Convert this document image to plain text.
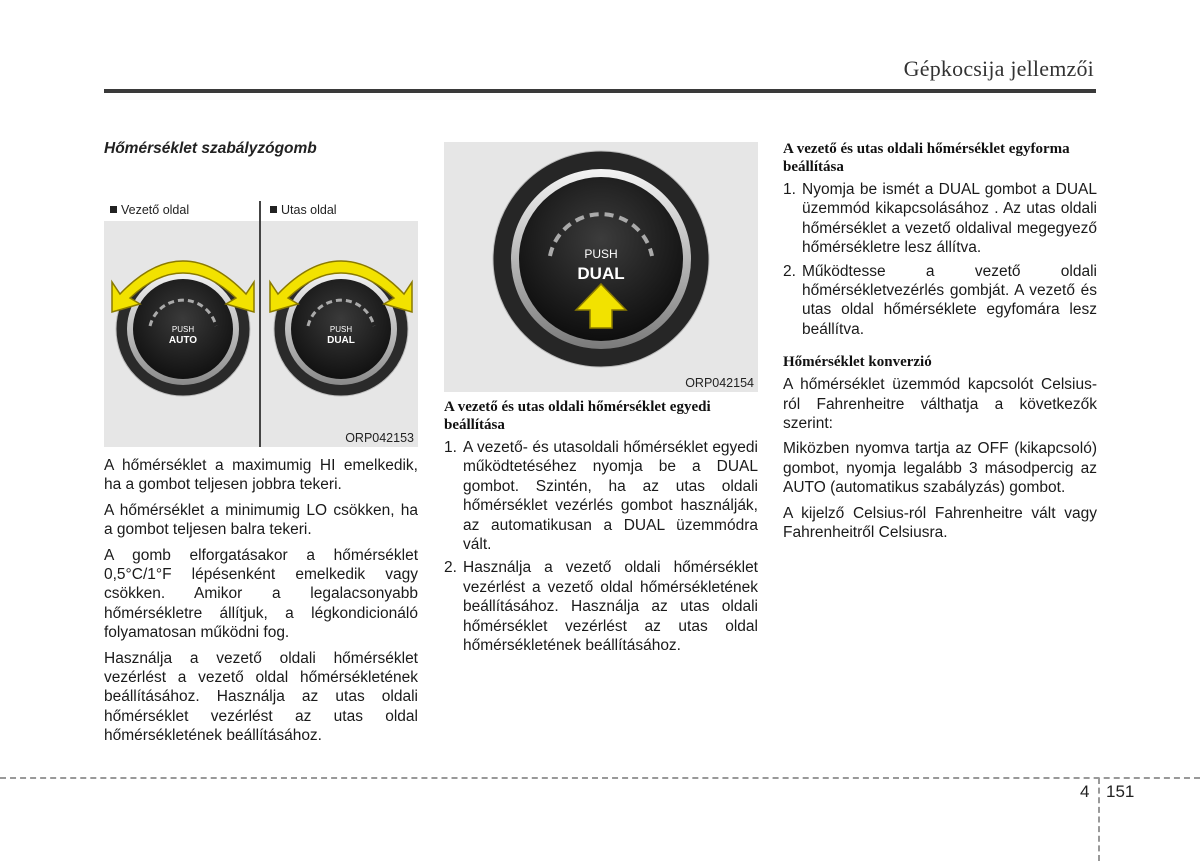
Gépkocsija jellemzői
Hőmérséklet szabályzógomb
Vezető oldal	Utas oldal
PUSH
AUTO
PUSH
DUAL
ORP042153

A hőmérséklet a maximumig HI emelkedik, ha a gombot teljesen jobbra tekeri.

A hőmérséklet a minimumig LO csökken, ha a gombot teljesen balra tekeri.

A gomb elforgatásakor a hőmérséklet 0,5°C/1°F lépésenként emelkedik vagy csökken. Amikor a legalacsonyabb hőmérsékletre állítjuk, a légkondicionáló folyamatosan működni fog.

Használja a vezető oldali hőmérséklet vezérlést a vezető oldal hőmérsékletének beállításához. Használja az utas oldali hőmérséklet vezérlést az utas oldal hőmérsékletének beállításához.

PUSH
DUAL
ORP042154
A vezető és utas oldali hőmérséklet egyedi beállítása
1. A vezető- és utasoldali hőmérséklet egyedi működtetéséhez nyomja be a DUAL gombot. Szintén, ha az utas oldali hőmérséklet vezérlés gombot használják, az automatikusan a DUAL üzemmódra vált.
2. Használja a vezető oldali hőmérséklet vezérlést a vezető oldal hőmérsékletének beállításához. Használja az utas oldali hőmérséklet vezérlést az utas oldal hőmérsékletének beállításához.
A vezető és utas oldali hőmérséklet egyforma beállítása
1. Nyomja be ismét a DUAL gombot a DUAL üzemmód kikapcsolásához . Az utas oldali hőmérséklet a vezető oldalival megegyező hőmérsékletre lesz állítva.
2. Működtesse a vezető oldali hőmérsékletvezérlés gombját. A vezető és utas oldal hőmérséklete egyfomára lesz beállítva.
Hőmérséklet konverzió

A hőmérséklet üzemmód kapcsolót Celsius-ról Fahrenheitre válthatja a következők szerint:

Miközben nyomva tartja az OFF (kikapcsoló) gombot, nyomja legalább 3 másodpercig az AUTO (automatikus szabályzás) gombot.

A kijelző Celsius-ról Fahrenheitre vált vagy Fahrenheitről Celsiusra.

4 151
